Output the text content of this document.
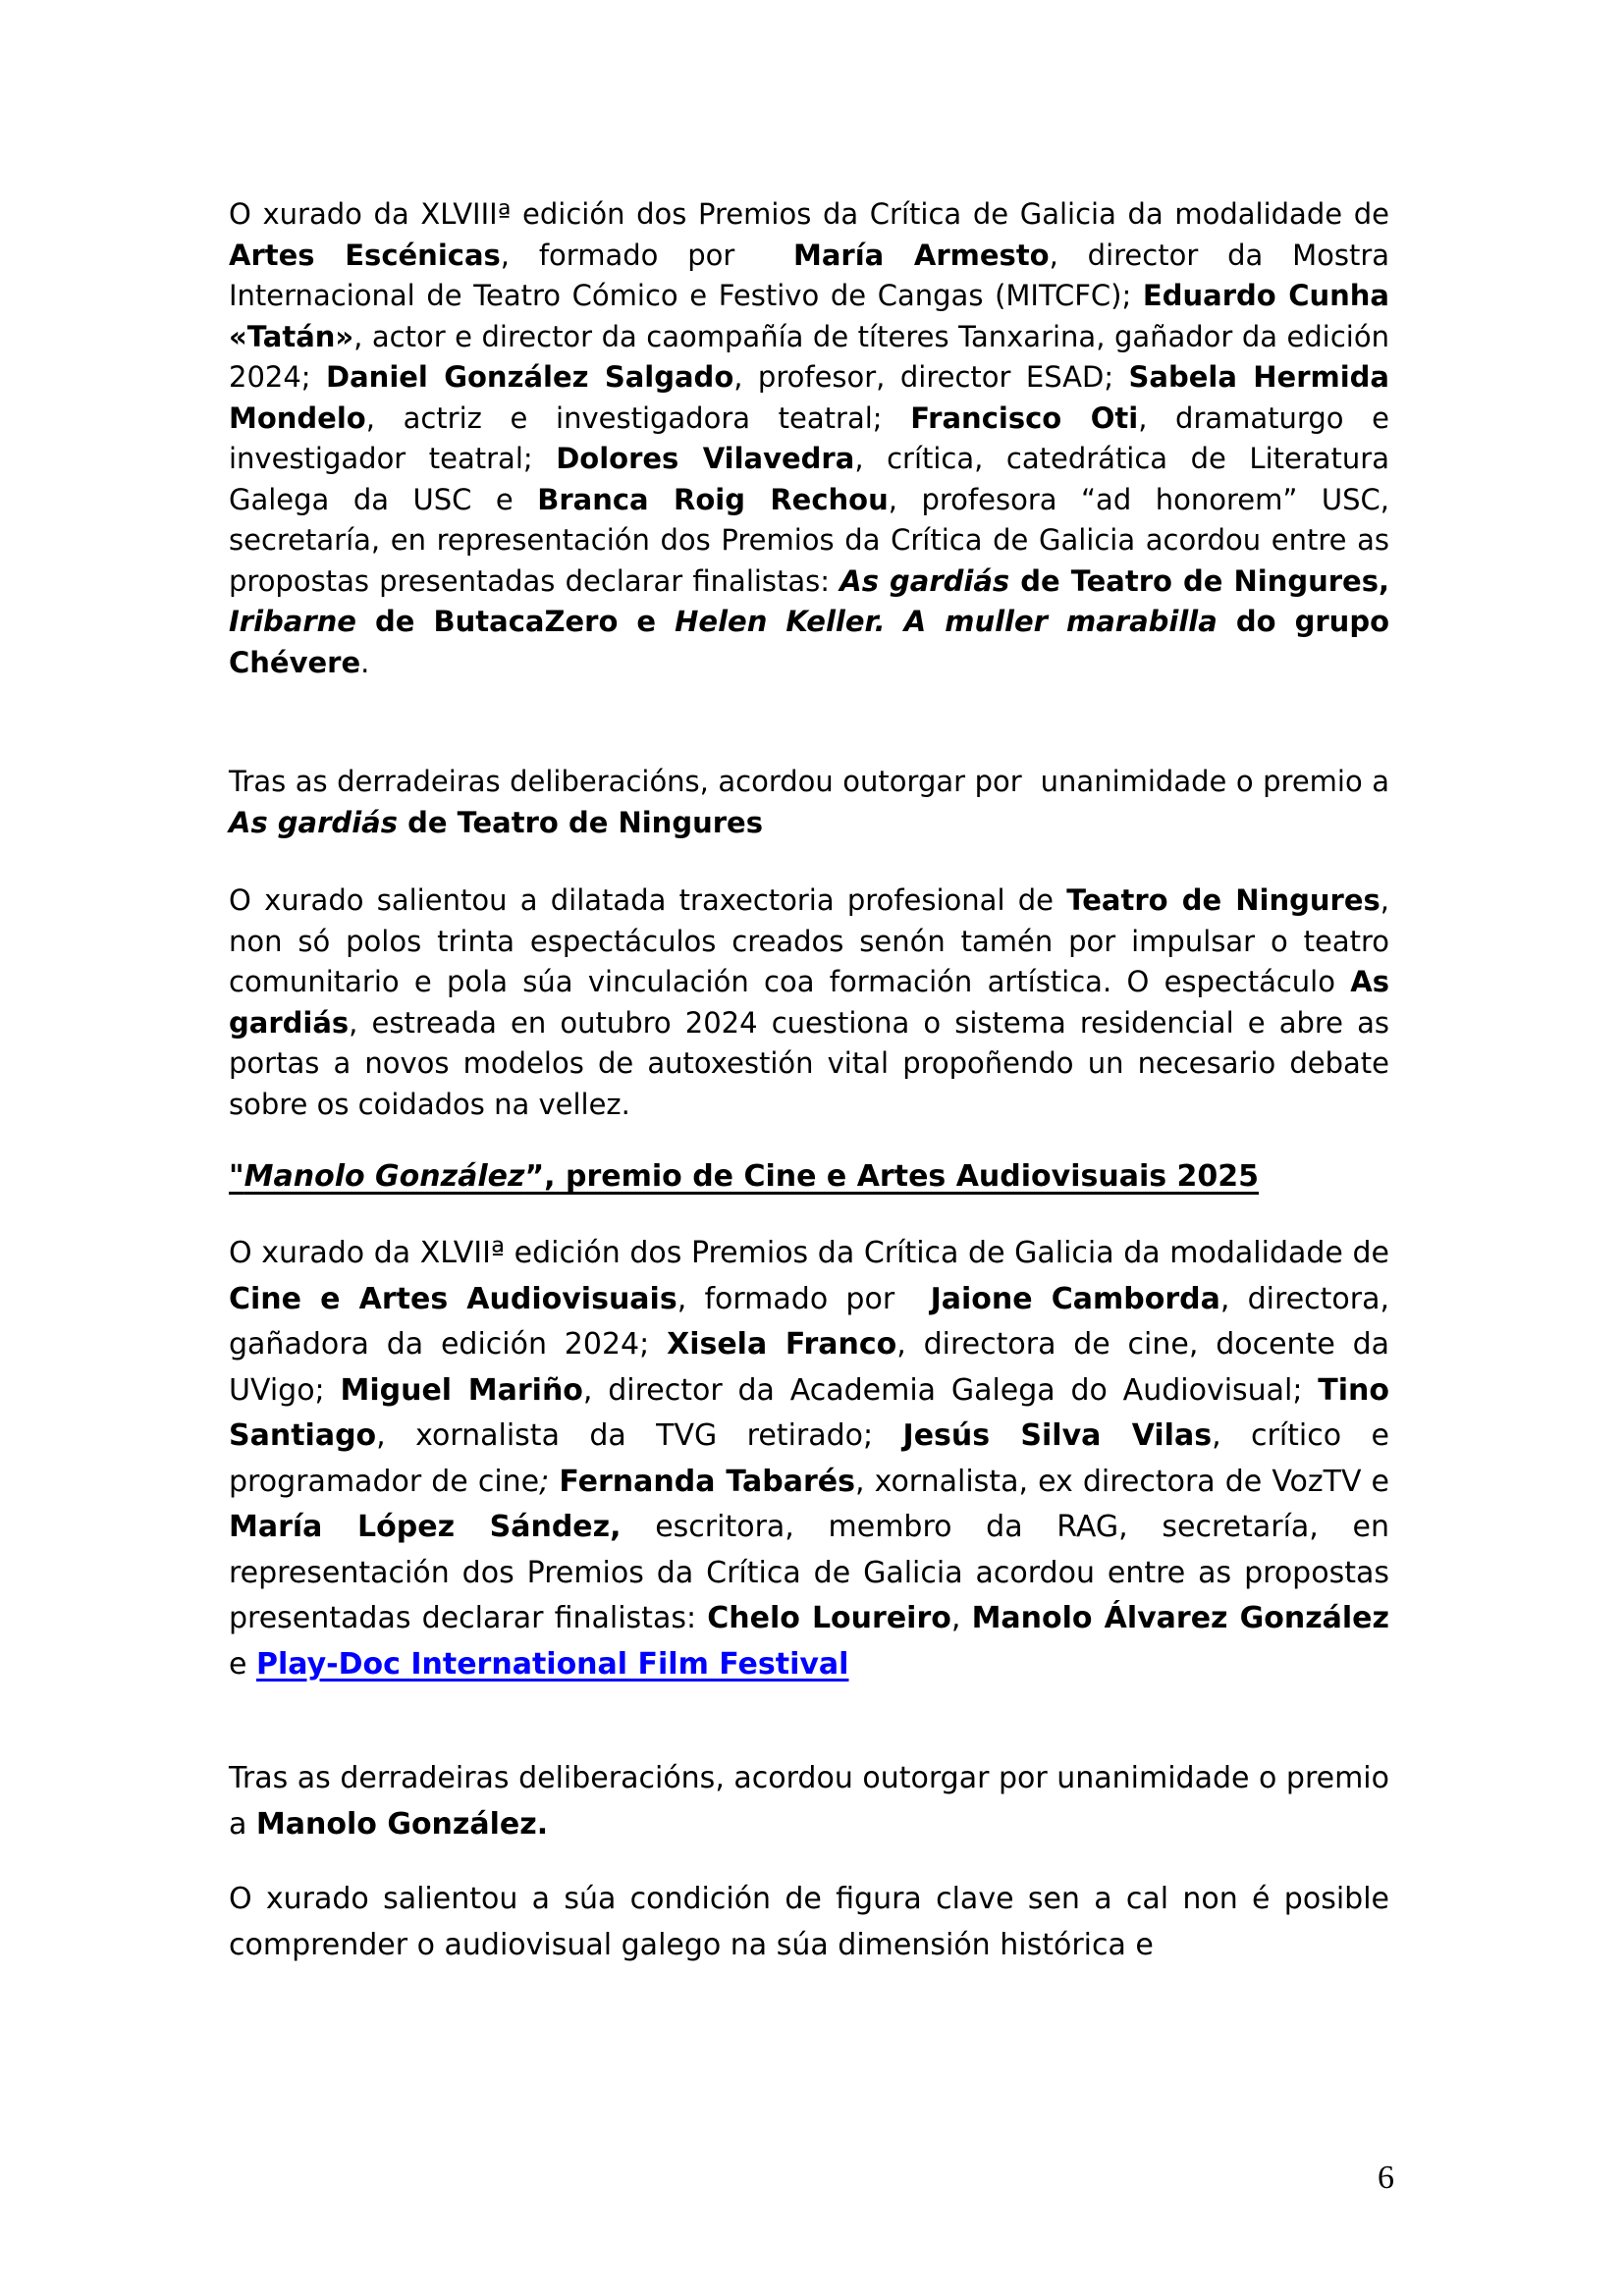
O xurado da XLVIIIª edición dos Premios da Crítica de Galicia da modalidade de Artes Escénicas, formado por  María Armesto, director da Mostra Internacional de Teatro Cómico e Festivo de Cangas (MITCFC); Eduardo Cunha «Tatán», actor e director da caompañía de títeres Tanxarina, gañador da edición 2024; Daniel González Salgado, profesor, director ESAD; Sabela Hermida Mondelo, actriz e investigadora teatral; Francisco Oti, dramaturgo e investigador teatral; Dolores Vilavedra, crítica, catedrática de Literatura Galega da USC e Branca Roig Rechou, profesora “ad honorem” USC, secretaría, en representación dos Premios da Crítica de Galicia acordou entre as propostas presentadas declarar finalistas: As gardiás de Teatro de Ningures, Iribarne de ButacaZero e Helen Keller. A muller marabilla do grupo Chévere.

Tras as derradeiras deliberacións, acordou outorgar por  unanimidade o premio a As gardiás de Teatro de Ningures

O xurado salientou a dilatada traxectoria profesional de Teatro de Ningures, non só polos trinta espectáculos creados senón tamén por impulsar o teatro comunitario e pola súa vinculación coa formación artística. O espectáculo As gardiás, estreada en outubro 2024 cuestiona o sistema residencial e abre as portas a novos modelos de autoxestión vital propoñendo un necesario debate sobre os coidados na vellez.

"Manolo González”, premio de Cine e Artes Audiovisuais 2025

O xurado da XLVIIª edición dos Premios da Crítica de Galicia da modalidade de Cine e Artes Audiovisuais, formado por  Jaione Camborda, directora, gañadora da edición 2024; Xisela Franco, directora de cine, docente da UVigo; Miguel Mariño, director da Academia Galega do Audiovisual; Tino Santiago, xornalista da TVG retirado; Jesús Silva Vilas, crítico e programador de cine; Fernanda Tabarés, xornalista, ex directora de VozTV e María López Sández, escritora, membro da RAG, secretaría, en representación dos Premios da Crítica de Galicia acordou entre as propostas presentadas declarar finalistas: Chelo Loureiro, Manolo Álvarez González e Play-Doc International Film Festival

Tras as derradeiras deliberacións, acordou outorgar por unanimidade o premio a Manolo González.

O xurado salientou a súa condición de figura clave sen a cal non é posible comprender o audiovisual galego na súa dimensión histórica e

6
